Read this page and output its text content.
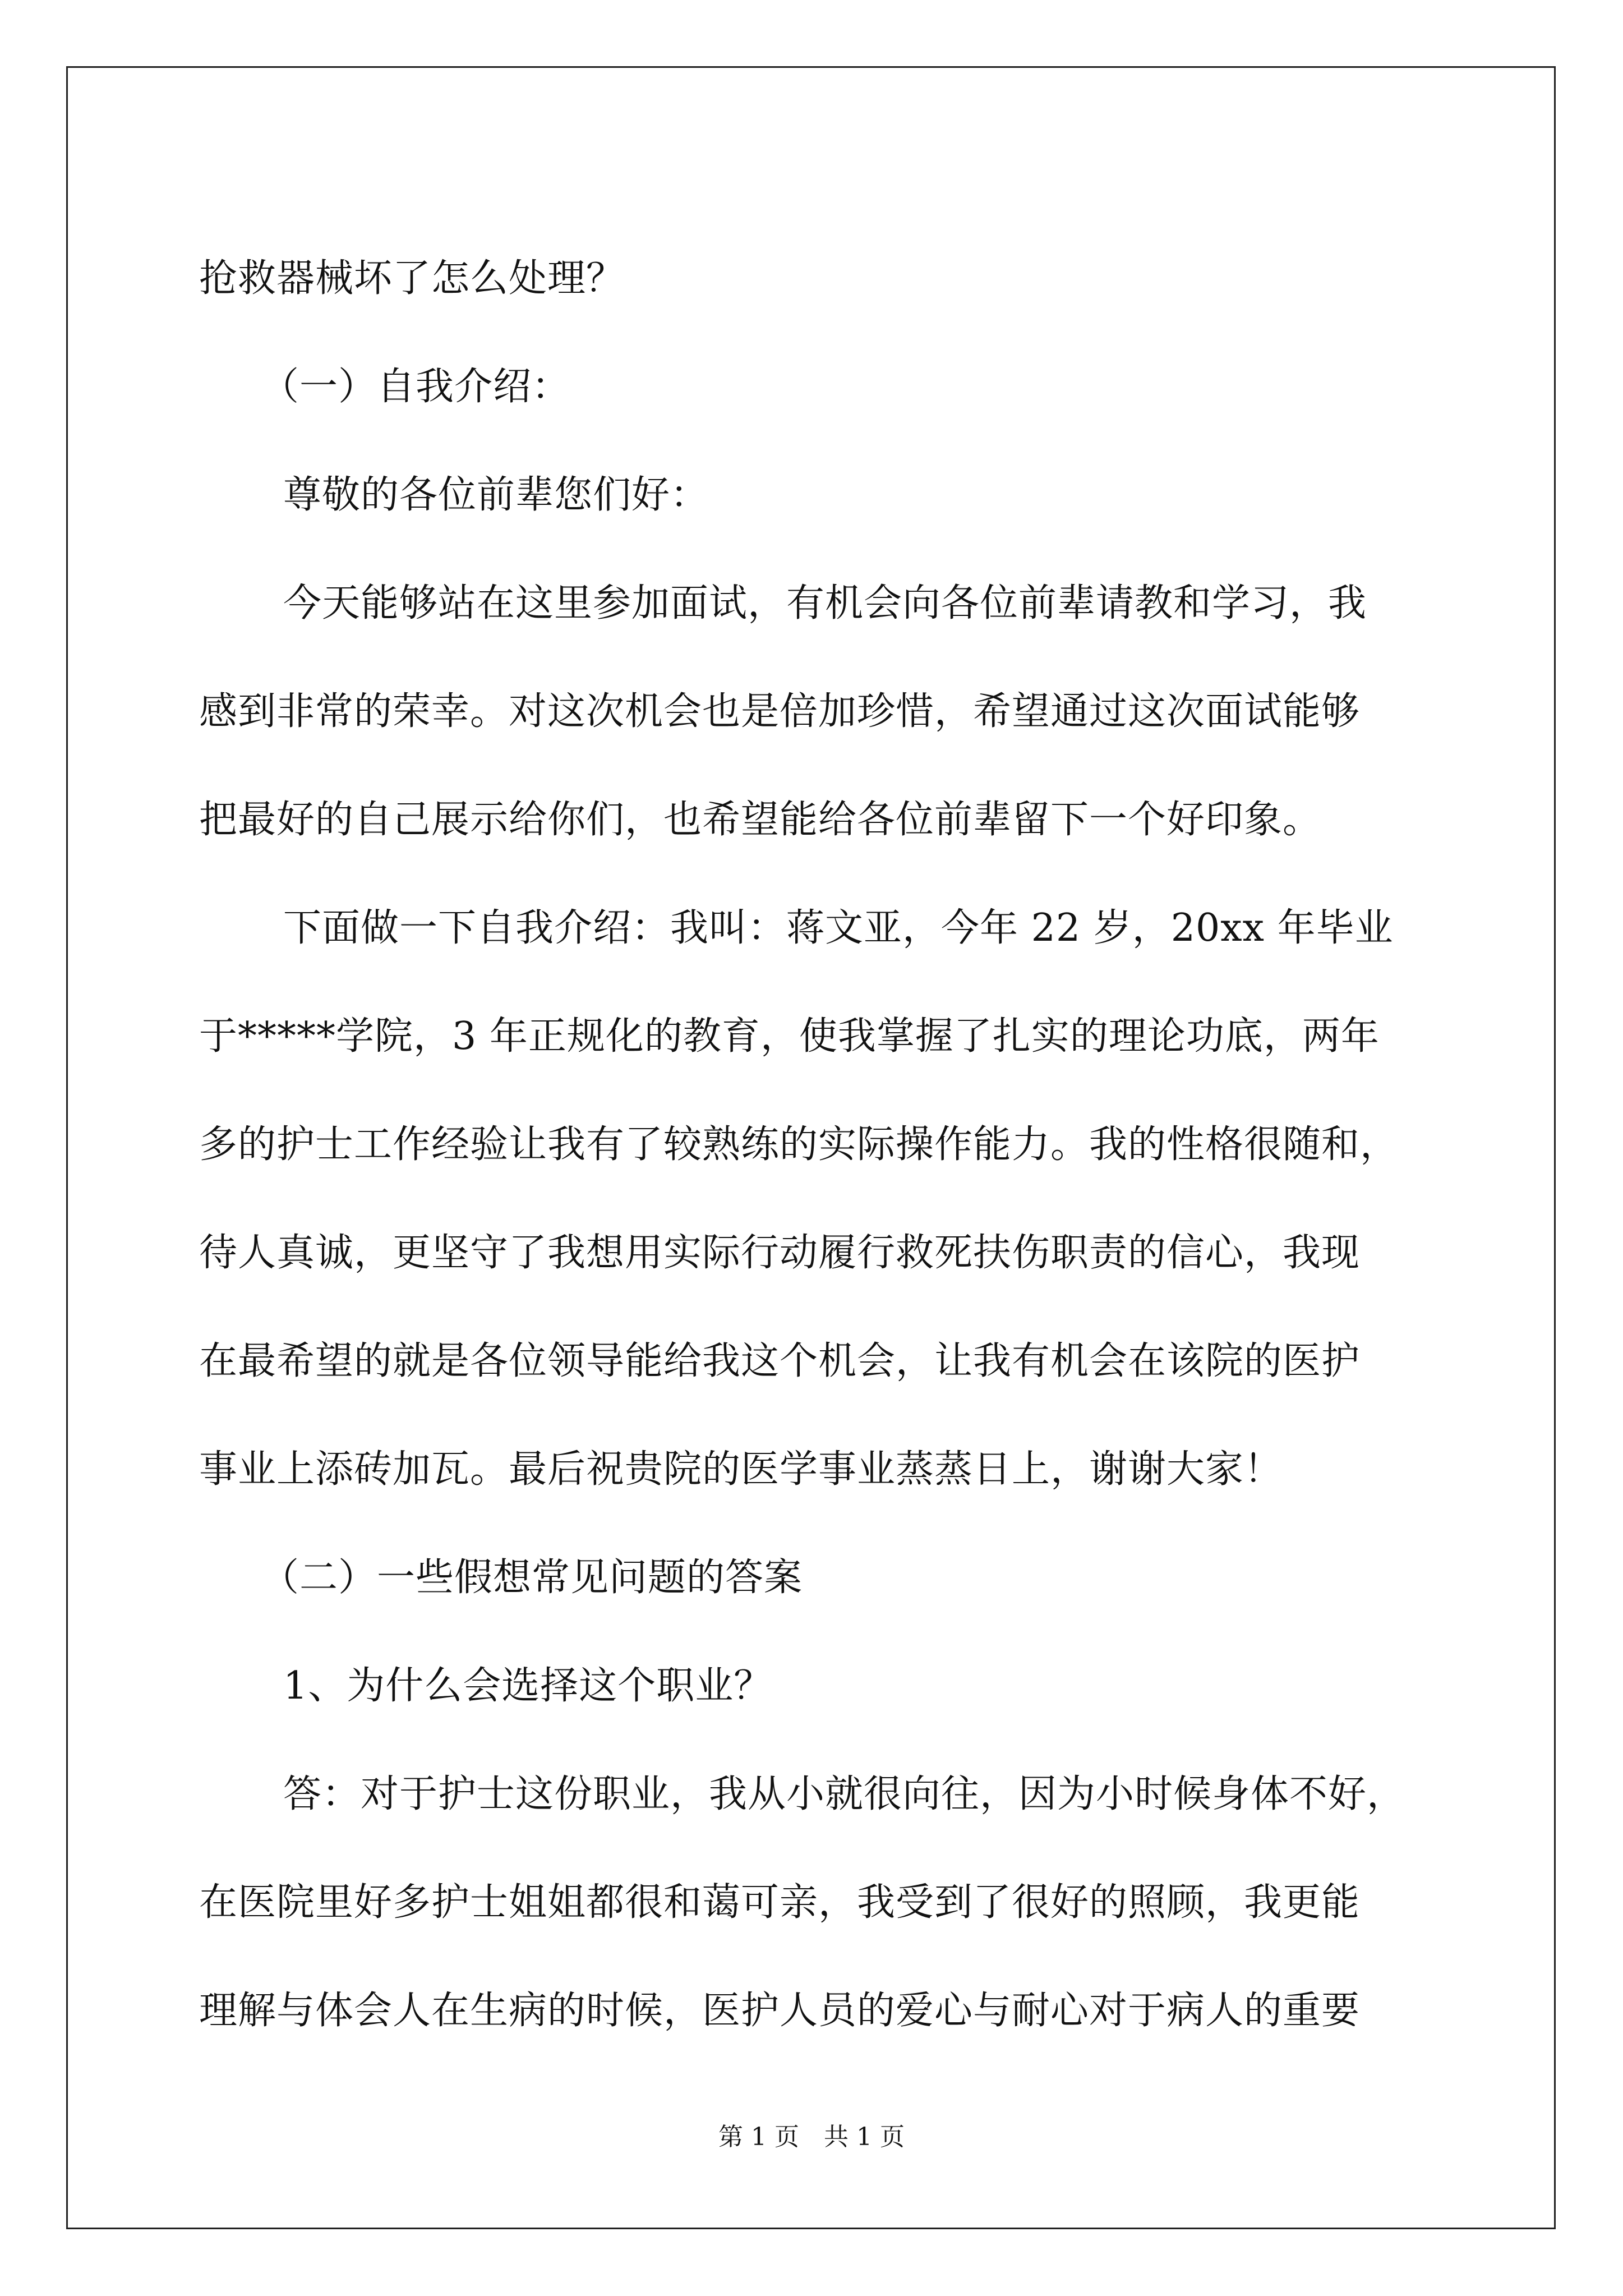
抢救器械坏了怎么处理？

（一）自我介绍：

尊敬的各位前辈您们好：

今天能够站在这里参加面试，有机会向各位前辈请教和学习，我

感到非常的荣幸。对这次机会也是倍加珍惜，希望通过这次面试能够

把最好的自己展示给你们，也希望能给各位前辈留下一个好印象。

下面做一下自我介绍：我叫：蒋文亚，今年 22 岁，20xx 年毕业

于*****学院，3 年正规化的教育，使我掌握了扎实的理论功底，两年

多的护士工作经验让我有了较熟练的实际操作能力。我的性格很随和，

待人真诚，更坚守了我想用实际行动履行救死扶伤职责的信心，我现

在最希望的就是各位领导能给我这个机会，让我有机会在该院的医护

事业上添砖加瓦。最后祝贵院的医学事业蒸蒸日上，谢谢大家！

（二）一些假想常见问题的答案

1、为什么会选择这个职业？

答：对于护士这份职业，我从小就很向往，因为小时候身体不好，

在医院里好多护士姐姐都很和蔼可亲，我受到了很好的照顾，我更能

理解与体会人在生病的时候，医护人员的爱心与耐心对于病人的重要

第 1 页　共 1 页
